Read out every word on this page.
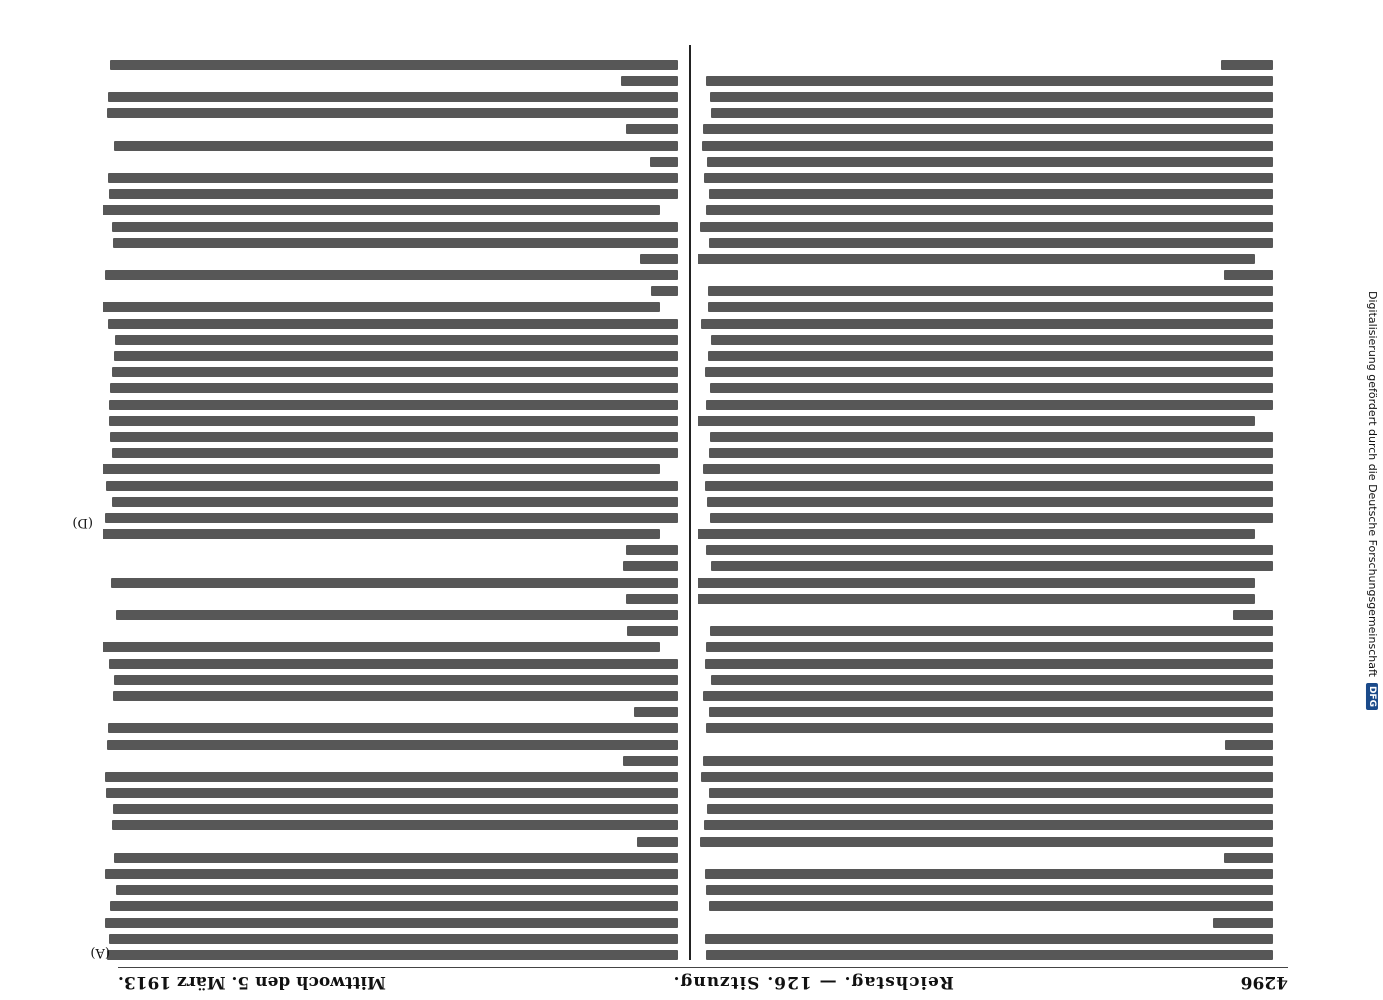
4296
Reichstag. — 126. Sitzung.
Mittwoch den 5. März 1913.
(A)
(D)	Digitalisierung gefördert durch die Deutsche Forschungsgemeinschaft
DFG
